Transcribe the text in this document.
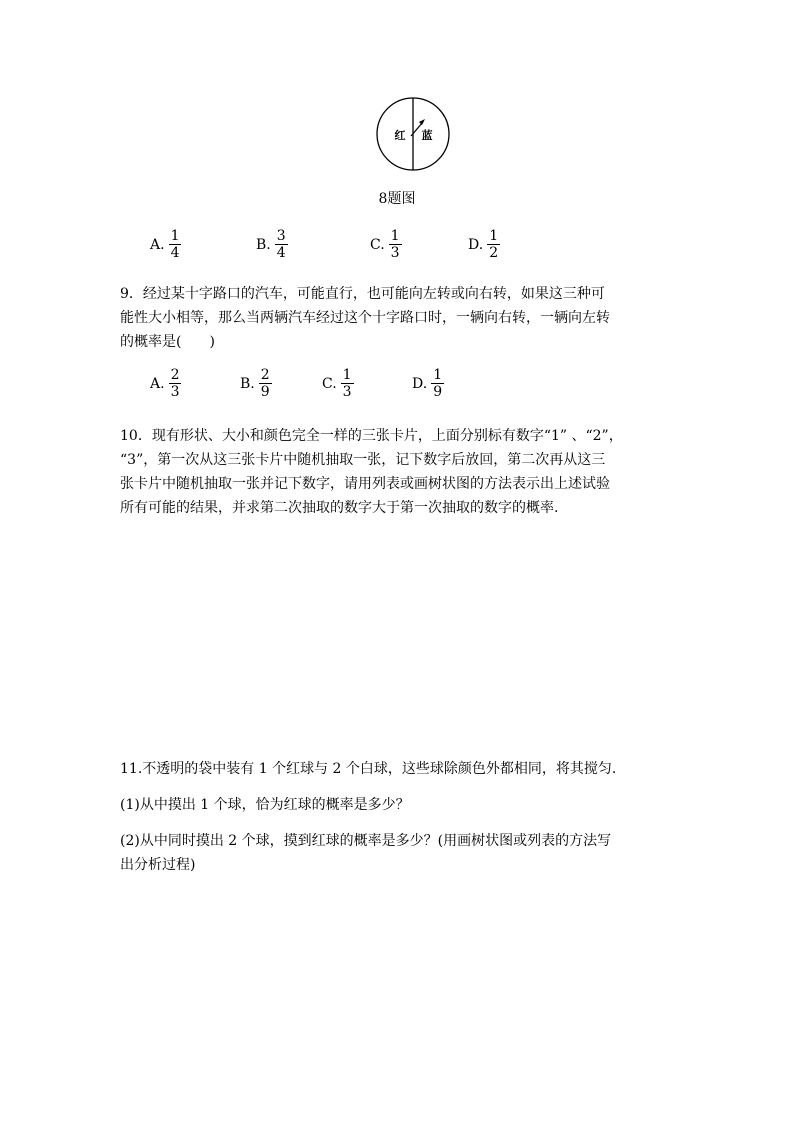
红 蓝
8题图
A. $\frac{1}{4}$	B. $\frac{3}{4}$	C. $\frac{1}{3}$	D. $\frac{1}{2}$
9．经过某十字路口的汽车，可能直行，也可能向左转或向右转，如果这三种可
能性大小相等，那么当两辆汽车经过这个十字路口时，一辆向右转，一辆向左转
的概率是(　　)
A. $\frac{2}{3}$	B. $\frac{2}{9}$	C. $\frac{1}{3}$	D. $\frac{1}{9}$
10．现有形状、大小和颜色完全一样的三张卡片，上面分别标有数字“1” 、“2”，
“3”，第一次从这三张卡片中随机抽取一张，记下数字后放回，第二次再从这三
张卡片中随机抽取一张并记下数字，请用列表或画树状图的方法表示出上述试验
所有可能的结果，并求第二次抽取的数字大于第一次抽取的数字的概率.
11.不透明的袋中装有 1 个红球与 2 个白球，这些球除颜色外都相同，将其搅匀.
(1)从中摸出 1 个球，恰为红球的概率是多少？
(2)从中同时摸出 2 个球，摸到红球的概率是多少？(用画树状图或列表的方法写
出分析过程)
